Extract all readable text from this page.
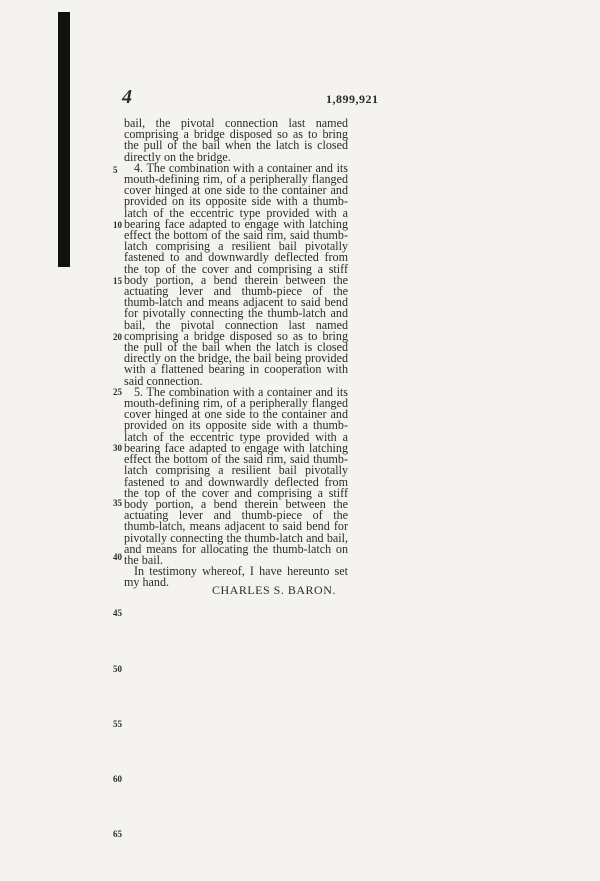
4	1,899,921

bail, the pivotal connection last named comprising a bridge disposed so as to bring the pull of the bail when the latch is closed directly on the bridge.

4. The combination with a container and its mouth-defining rim, of a peripherally flanged cover hinged at one side to the container and provided on its opposite side with a thumb-latch of the eccentric type provided with a bearing face adapted to engage with latching effect the bottom of the said rim, said thumb-latch comprising a resilient bail pivotally fastened to and downwardly deflected from the top of the cover and comprising a stiff body portion, a bend therein between the actuating lever and thumb-piece of the thumb-latch and means adjacent to said bend for pivotally connecting the thumb-latch and bail, the pivotal connection last named comprising a bridge disposed so as to bring the pull of the bail when the latch is closed directly on the bridge, the bail being provided with a flattened bearing in cooperation with said connection.

5. The combination with a container and its mouth-defining rim, of a peripherally flanged cover hinged at one side to the container and provided on its opposite side with a thumb-latch of the eccentric type provided with a bearing face adapted to engage with latching effect the bottom of the said rim, said thumb-latch comprising a resilient bail pivotally fastened to and downwardly deflected from the top of the cover and comprising a stiff body portion, a bend therein between the actuating lever and thumb-piece of the thumb-latch, means adjacent to said bend for pivotally connecting the thumb-latch and bail, and means for allocating the thumb-latch on the bail.

In testimony whereof, I have hereunto set my hand.

CHARLES S. BARON.
5
10
15
20
25
30
35
40
45
50
55
60
65
